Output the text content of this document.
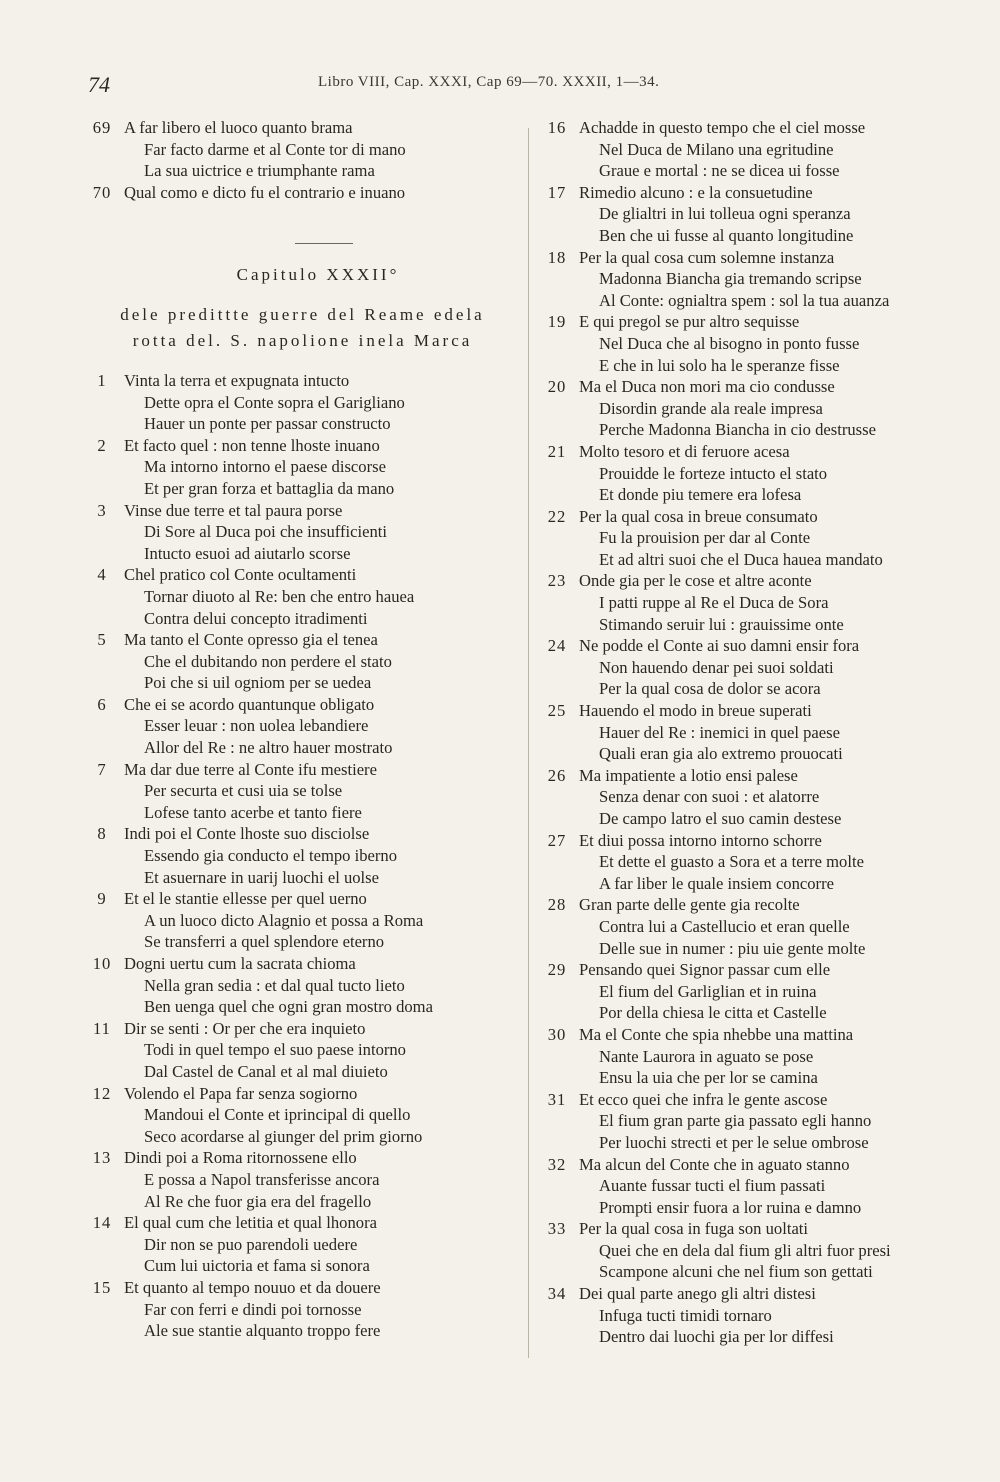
74	Libro VIII, Cap. XXXI, Cap 69—70. XXXII, 1—34.
69 A far libero el luoco quanto brama
Far facto darme et al Conte tor di mano
La sua uictrice e triumphante rama
70 Qual como e dicto fu el contrario e inuano
Capitulo XXXII°
dele predittte guerre del Reame edela
rotta del. S. napolione inela Marca
1	Vinta la terra et expugnata intucto
Dette opra el Conte sopra el Garigliano
Hauer un ponte per passar constructo
2	Et facto quel : non tenne lhoste inuano
Ma intorno intorno el paese discorse
Et per gran forza et battaglia da mano
3	Vinse due terre et tal paura porse
Di Sore al Duca poi che insufficienti
Intucto esuoi ad aiutarlo scorse
4	Chel pratico col Conte ocultamenti
Tornar diuoto al Re: ben che entro hauea
Contra delui concepto itradimenti
5	Ma tanto el Conte opresso gia el tenea
Che el dubitando non perdere el stato
Poi che si uil ogniom per se uedea
6	Che ei se acordo quantunque obligato
Esser leuar : non uolea lebandiere
Allor del Re : ne altro hauer mostrato
7	Ma dar due terre al Conte ifu mestiere
Per securta et cusi uia se tolse
Lofese tanto acerbe et tanto fiere
8	Indi poi el Conte lhoste suo disciolse
Essendo gia conducto el tempo iberno
Et asuernare in uarij luochi el uolse
9	Et el le stantie ellesse per quel uerno
A un luoco dicto Alagnio et possa a Roma
Se transferri a quel splendore eterno
10 Dogni uertu cum la sacrata chioma
Nella gran sedia : et dal qual tucto lieto
Ben uenga quel che ogni gran mostro doma
11 Dir se senti : Or per che era inquieto
Todi in quel tempo el suo paese intorno
Dal Castel de Canal et al mal diuieto
12 Volendo el Papa far senza sogiorno
Mandoui el Conte et iprincipal di quello
Seco acordarse al giunger del prim giorno
13 Dindi poi a Roma ritornossene ello
E possa a Napol transferisse ancora
Al Re che fuor gia era del fragello
14 El qual cum che letitia et qual lhonora
Dir non se puo parendoli uedere
Cum lui uictoria et fama si sonora
15 Et quanto al tempo nouuo et da douere
Far con ferri e dindi poi tornosse
Ale sue stantie alquanto troppo fere
16 Achadde in questo tempo che el ciel mosse
Nel Duca de Milano una egritudine
Graue e mortal : ne se dicea ui fosse
17 Rimedio alcuno : e la consuetudine
De glialtri in lui tolleua ogni speranza
Ben che ui fusse al quanto longitudine
18 Per la qual cosa cum solemne instanza
Madonna Biancha gia tremando scripse
Al Conte: ognialtra spem : sol la tua auanza
19 E qui pregol se pur altro sequisse
Nel Duca che al bisogno in ponto fusse
E che in lui solo ha le speranze fisse
20 Ma el Duca non mori ma cio condusse
Disordin grande ala reale impresa
Perche Madonna Biancha in cio destrusse
21 Molto tesoro et di feruore acesa
Prouidde le forteze intucto el stato
Et donde piu temere era lofesa
22 Per la qual cosa in breue consumato
Fu la prouision per dar al Conte
Et ad altri suoi che el Duca hauea mandato
23 Onde gia per le cose et altre aconte
I patti ruppe al Re el Duca de Sora
Stimando seruir lui : grauissime onte
24 Ne podde el Conte ai suo damni ensir fora
Non hauendo denar pei suoi soldati
Per la qual cosa de dolor se acora
25 Hauendo el modo in breue superati
Hauer del Re : inemici in quel paese
Quali eran gia alo extremo prouocati
26 Ma impatiente a lotio ensi palese
Senza denar con suoi : et alatorre
De campo latro el suo camin destese
27 Et diui possa intorno intorno schorre
Et dette el guasto a Sora et a terre molte
A far liber le quale insiem concorre
28 Gran parte delle gente gia recolte
Contra lui a Castellucio et eran quelle
Delle sue in numer : piu uie gente molte
29 Pensando quei Signor passar cum elle
El fium del Garliglian et in ruina
Por della chiesa le citta et Castelle
30 Ma el Conte che spia nhebbe una mattina
Nante Laurora in aguato se pose
Ensu la uia che per lor se camina
31 Et ecco quei che infra le gente ascose
El fium gran parte gia passato egli hanno
Per luochi strecti et per le selue ombrose
32 Ma alcun del Conte che in aguato stanno
Auante fussar tucti el fium passati
Prompti ensir fuora a lor ruina e damno
33 Per la qual cosa in fuga son uoltati
Quei che en dela dal fium gli altri fuor presi
Scampone alcuni che nel fium son gettati
34 Dei qual parte anego gli altri distesi
Infuga tucti timidi tornaro
Dentro dai luochi gia per lor diffesi
